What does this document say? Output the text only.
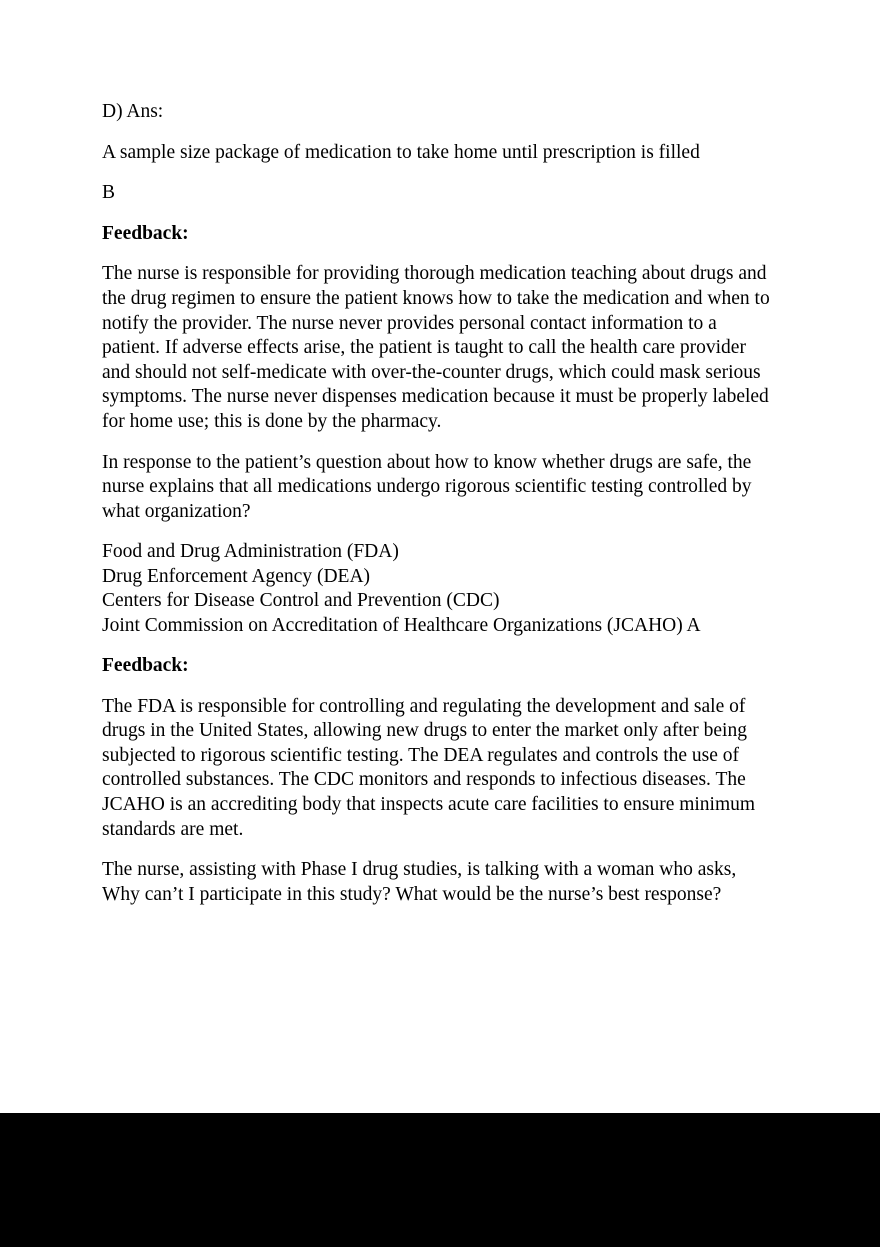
D) Ans:

A sample size package of medication to take home until prescription is filled

B

Feedback:

The nurse is responsible for providing thorough medication teaching about drugs and the drug regimen to ensure the patient knows how to take the medication and when to notify the provider. The nurse never provides personal contact information to a patient. If adverse effects arise, the patient is taught to call the health care provider and should not self-medicate with over-the-counter drugs, which could mask serious symptoms. The nurse never dispenses medication because it must be properly labeled for home use; this is done by the pharmacy.

In response to the patient’s question about how to know whether drugs are safe, the nurse explains that all medications undergo rigorous scientific testing controlled by what organization?

Food and Drug Administration (FDA)
Drug Enforcement Agency (DEA)
Centers for Disease Control and Prevention (CDC)
Joint Commission on Accreditation of Healthcare Organizations (JCAHO) A

Feedback:

The FDA is responsible for controlling and regulating the development and sale of drugs in the United States, allowing new drugs to enter the market only after being subjected to rigorous scientific testing. The DEA regulates and controls the use of controlled substances. The CDC monitors and responds to infectious diseases. The JCAHO is an accrediting body that inspects acute care facilities to ensure minimum standards are met.

The nurse, assisting with Phase I drug studies, is talking with a woman who asks, Why can’t I participate in this study? What would be the nurse’s best response?
